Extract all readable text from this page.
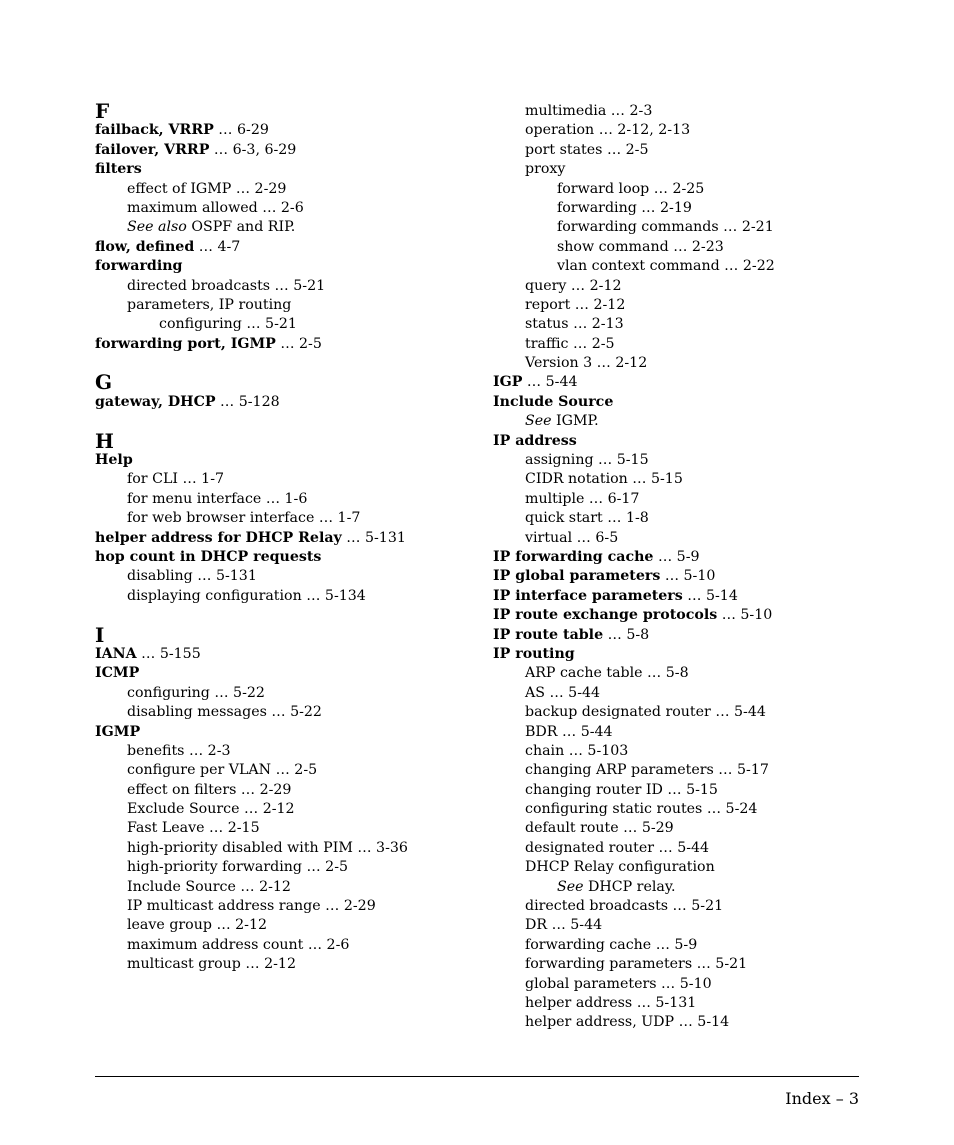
F
failback, VRRP … 6-29
failover, VRRP … 6-3, 6-29
filters
effect of IGMP … 2-29
maximum allowed … 2-6
See also OSPF and RIP.
flow, defined … 4-7
forwarding
directed broadcasts … 5-21
parameters, IP routing
configuring … 5-21
forwarding port, IGMP … 2-5
G
gateway, DHCP … 5-128
H
Help
for CLI … 1-7
for menu interface … 1-6
for web browser interface … 1-7
helper address for DHCP Relay … 5-131
hop count in DHCP requests
disabling … 5-131
displaying configuration … 5-134
I
IANA … 5-155
ICMP
configuring … 5-22
disabling messages … 5-22
IGMP
benefits … 2-3
configure per VLAN … 2-5
effect on filters … 2-29
Exclude Source … 2-12
Fast Leave … 2-15
high-priority disabled with PIM … 3-36
high-priority forwarding … 2-5
Include Source … 2-12
IP multicast address range … 2-29
leave group … 2-12
maximum address count … 2-6
multicast group … 2-12
multimedia … 2-3
operation … 2-12, 2-13
port states … 2-5
proxy
forward loop … 2-25
forwarding … 2-19
forwarding commands … 2-21
show command … 2-23
vlan context command … 2-22
query … 2-12
report … 2-12
status … 2-13
traffic … 2-5
Version 3 … 2-12
IGP … 5-44
Include Source
See IGMP.
IP address
assigning … 5-15
CIDR notation … 5-15
multiple … 6-17
quick start … 1-8
virtual … 6-5
IP forwarding cache … 5-9
IP global parameters … 5-10
IP interface parameters … 5-14
IP route exchange protocols … 5-10
IP route table … 5-8
IP routing
ARP cache table … 5-8
AS … 5-44
backup designated router … 5-44
BDR … 5-44
chain … 5-103
changing ARP parameters … 5-17
changing router ID … 5-15
configuring static routes … 5-24
default route … 5-29
designated router … 5-44
DHCP Relay configuration
See DHCP relay.
directed broadcasts … 5-21
DR … 5-44
forwarding cache … 5-9
forwarding parameters … 5-21
global parameters … 5-10
helper address … 5-131
helper address, UDP … 5-14
Index – 3
